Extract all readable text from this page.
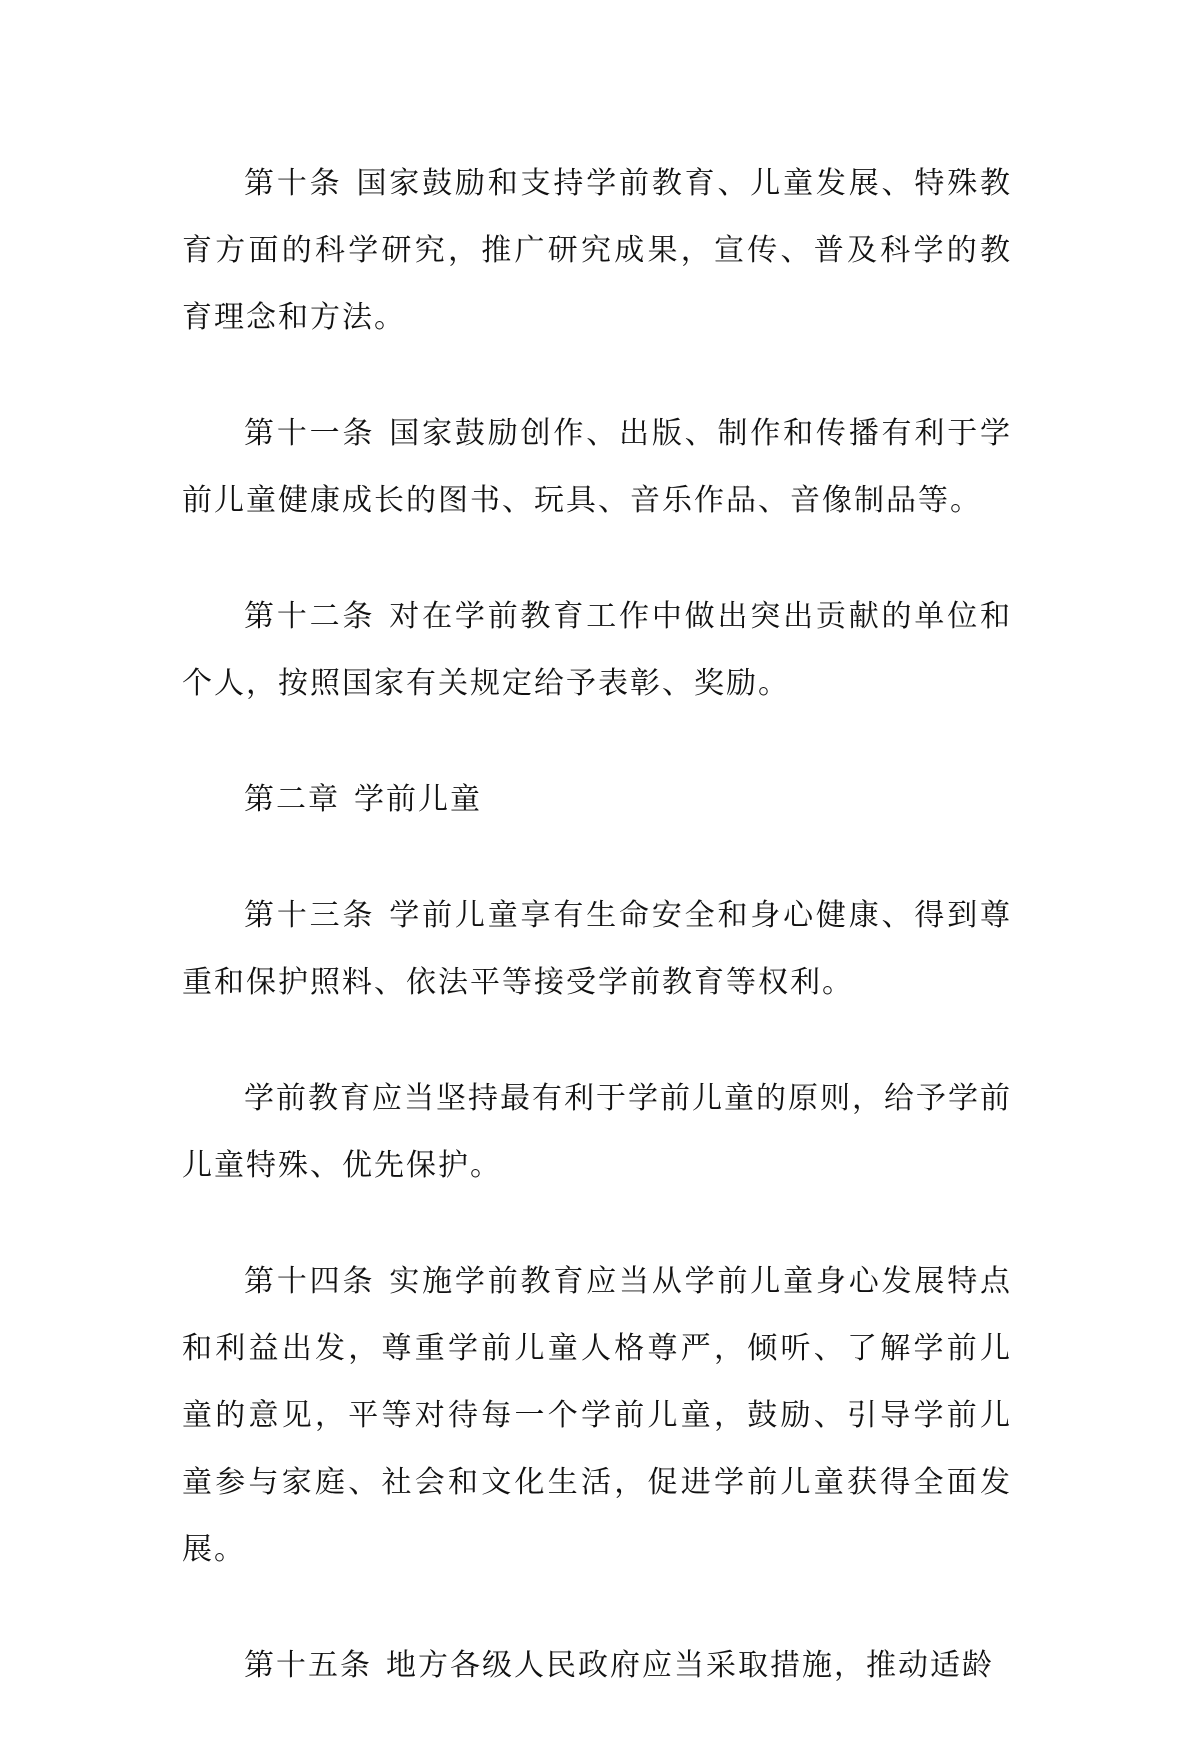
第十条 国家鼓励和支持学前教育、儿童发展、特殊教育方面的科学研究，推广研究成果，宣传、普及科学的教育理念和方法。

第十一条 国家鼓励创作、出版、制作和传播有利于学前儿童健康成长的图书、玩具、音乐作品、音像制品等。

第十二条 对在学前教育工作中做出突出贡献的单位和个人，按照国家有关规定给予表彰、奖励。

第二章 学前儿童

第十三条 学前儿童享有生命安全和身心健康、得到尊重和保护照料、依法平等接受学前教育等权利。

学前教育应当坚持最有利于学前儿童的原则，给予学前儿童特殊、优先保护。

第十四条 实施学前教育应当从学前儿童身心发展特点和利益出发，尊重学前儿童人格尊严，倾听、了解学前儿童的意见，平等对待每一个学前儿童，鼓励、引导学前儿童参与家庭、社会和文化生活，促进学前儿童获得全面发展。

第十五条 地方各级人民政府应当采取措施，推动适龄
